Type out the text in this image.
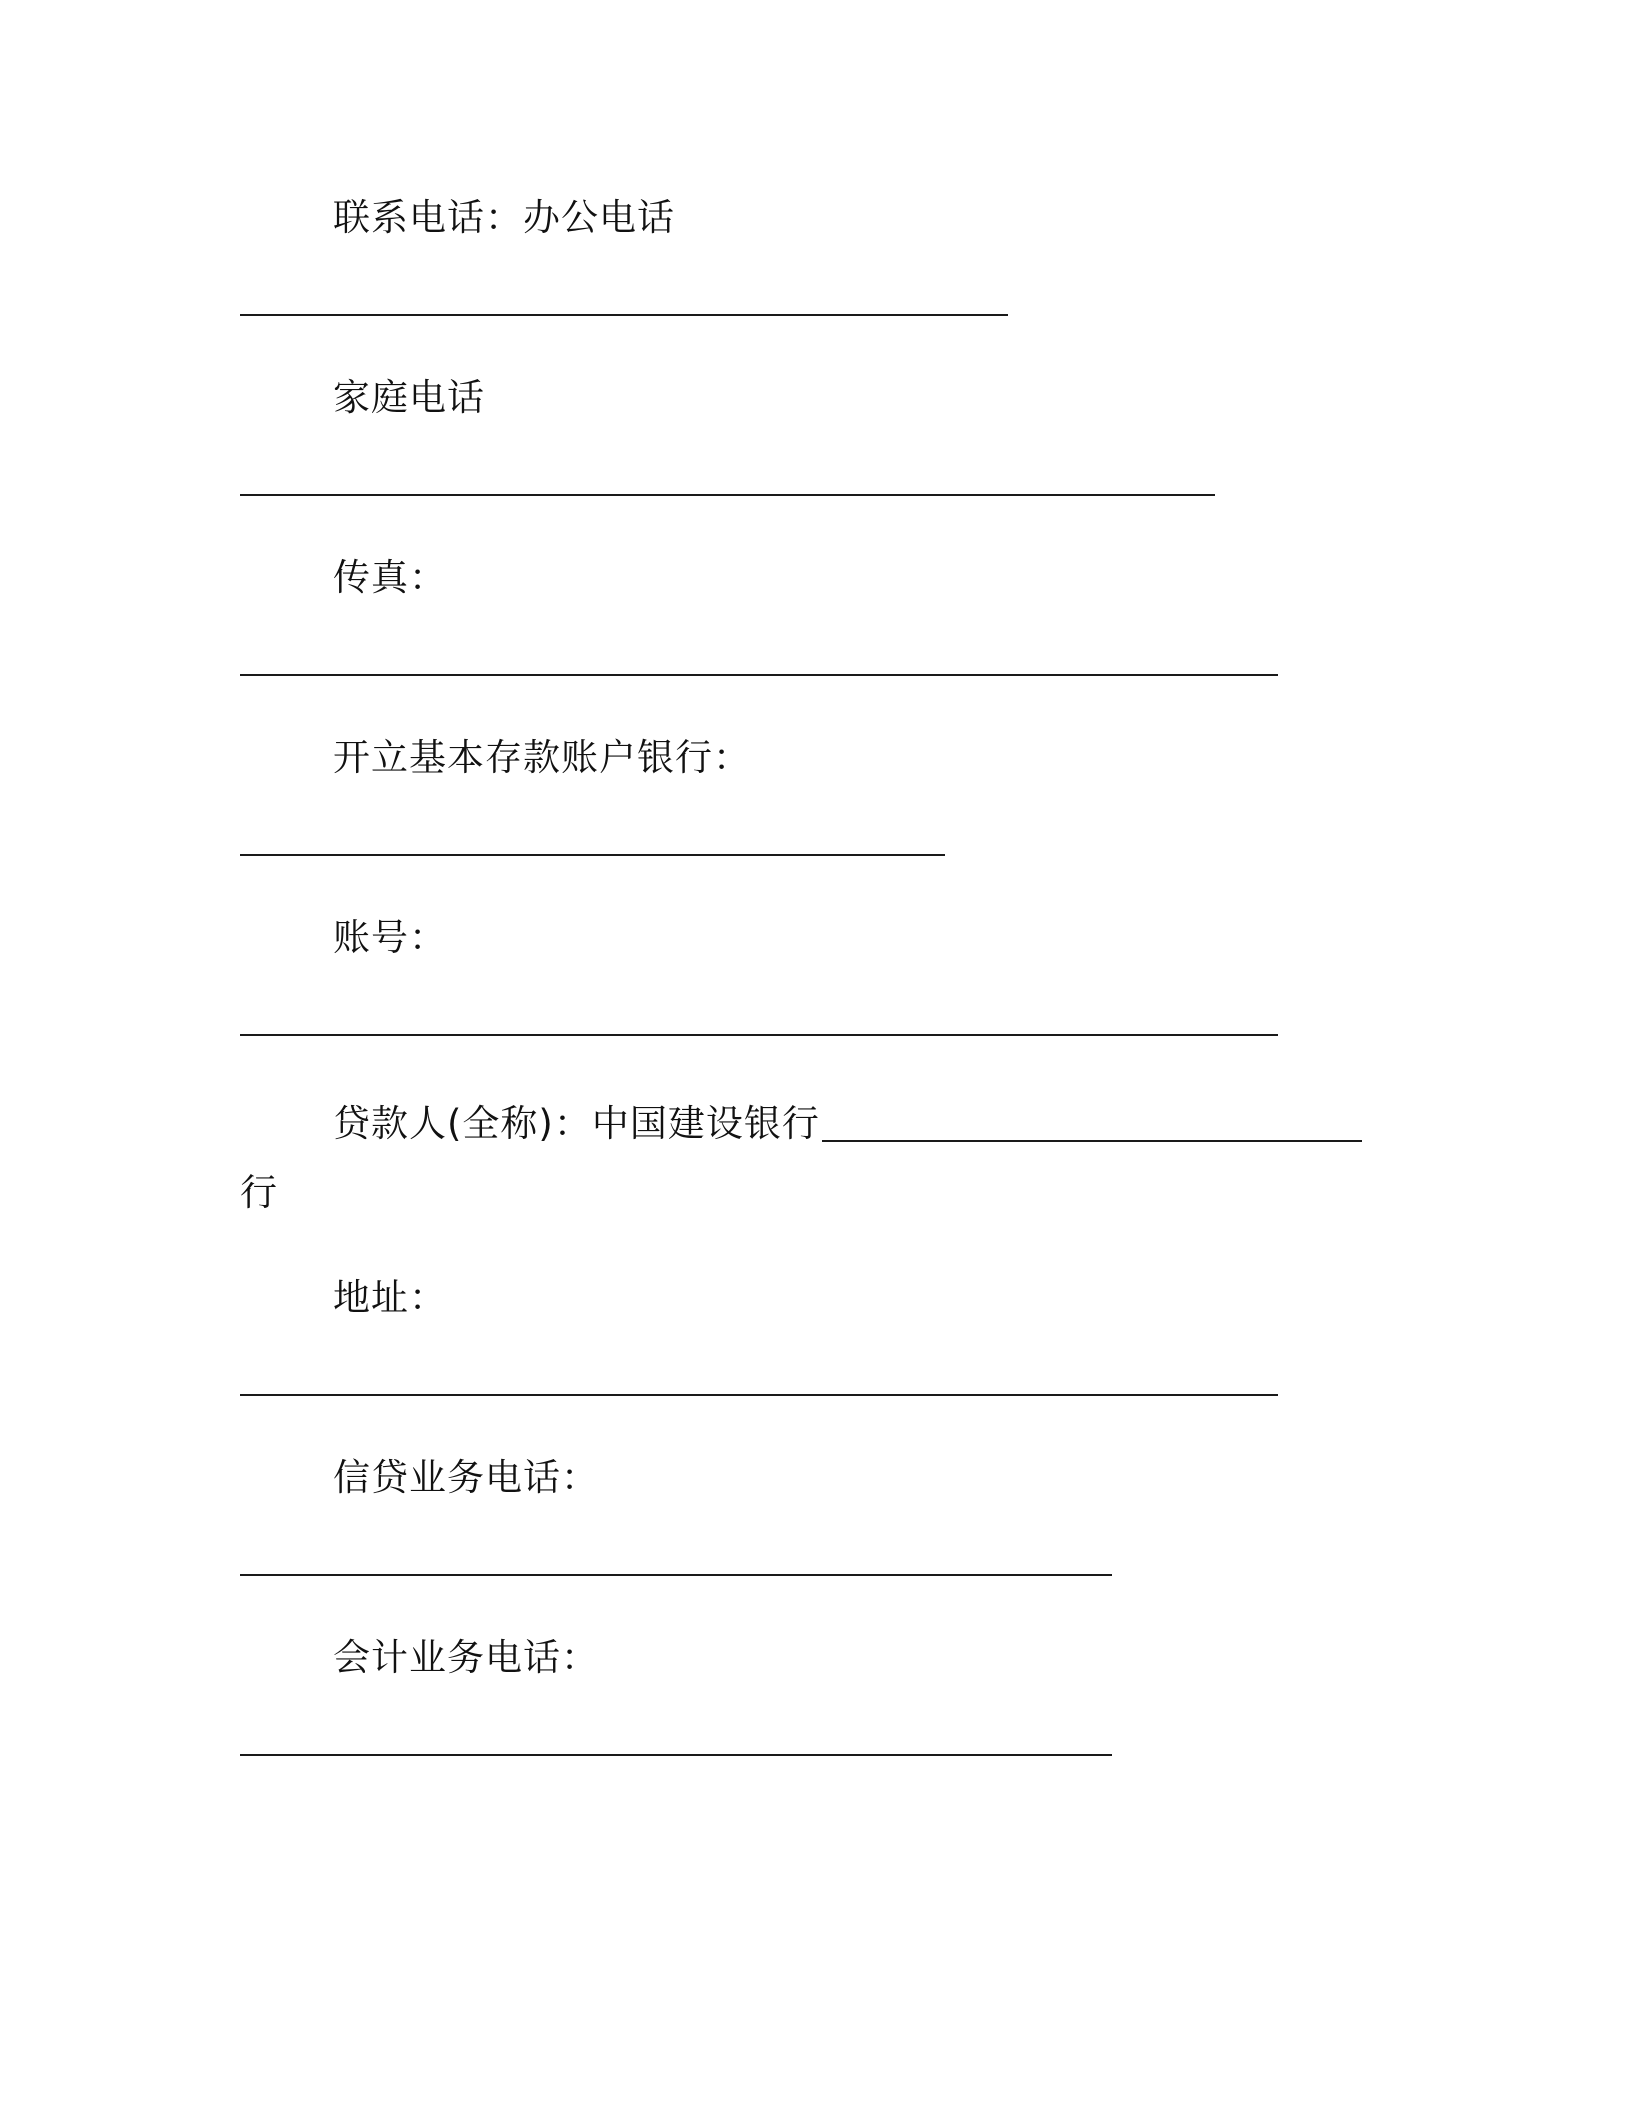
联系电话：办公电话
家庭电话
传真：
开立基本存款账户银行：
账号：
贷款人(全称)：中国建设银行
行
地址：
信贷业务电话：
会计业务电话：
